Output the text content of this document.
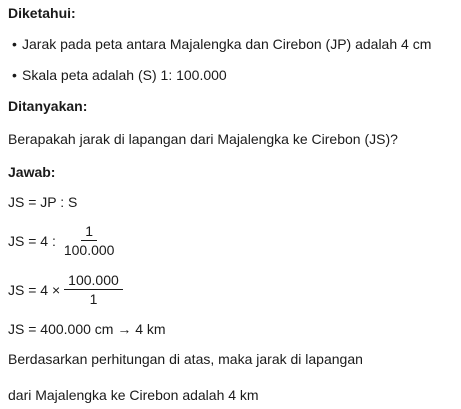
Diketahui:
• Jarak pada peta antara Majalengka dan Cirebon (JP) adalah 4 cm
• Skala peta adalah (S) 1: 100.000
Ditanyakan:
Berapakah jarak di lapangan dari Majalengka ke Cirebon (JS)?
Jawab:
JS = JP : S
JS = 4 : $\frac{1}{100.000}$
JS = $4 \times \frac{100.000}{1}$
JS = 400.000 cm → 4 km
Berdasarkan perhitungan di atas, maka jarak di lapangan
dari Majalengka ke Cirebon adalah 4 km
